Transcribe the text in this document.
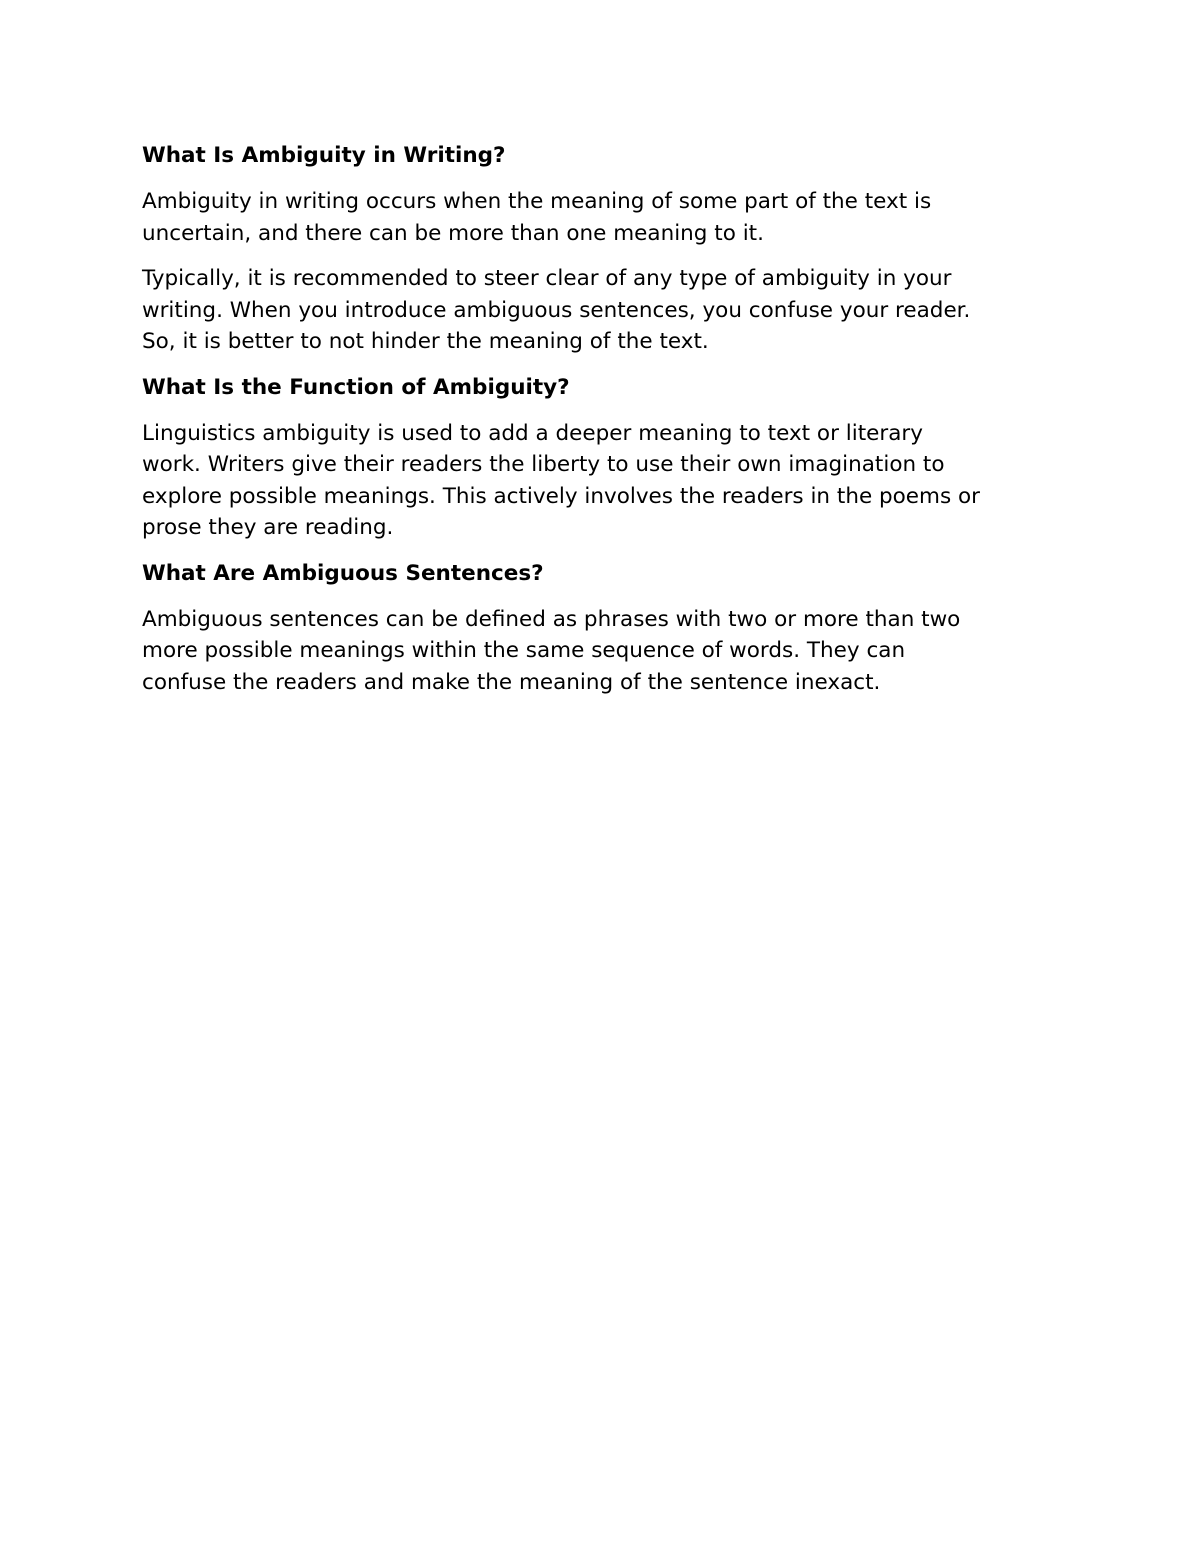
What Is Ambiguity in Writing?
Ambiguity in writing occurs when the meaning of some part of the text is
uncertain, and there can be more than one meaning to it.
Typically, it is recommended to steer clear of any type of ambiguity in your
writing. When you introduce ambiguous sentences, you confuse your reader.
So, it is better to not hinder the meaning of the text.
What Is the Function of Ambiguity?
Linguistics ambiguity is used to add a deeper meaning to text or literary
work. Writers give their readers the liberty to use their own imagination to
explore possible meanings. This actively involves the readers in the poems or
prose they are reading.
What Are Ambiguous Sentences?
Ambiguous sentences can be defined as phrases with two or more than two
more possible meanings within the same sequence of words. They can
confuse the readers and make the meaning of the sentence inexact.
